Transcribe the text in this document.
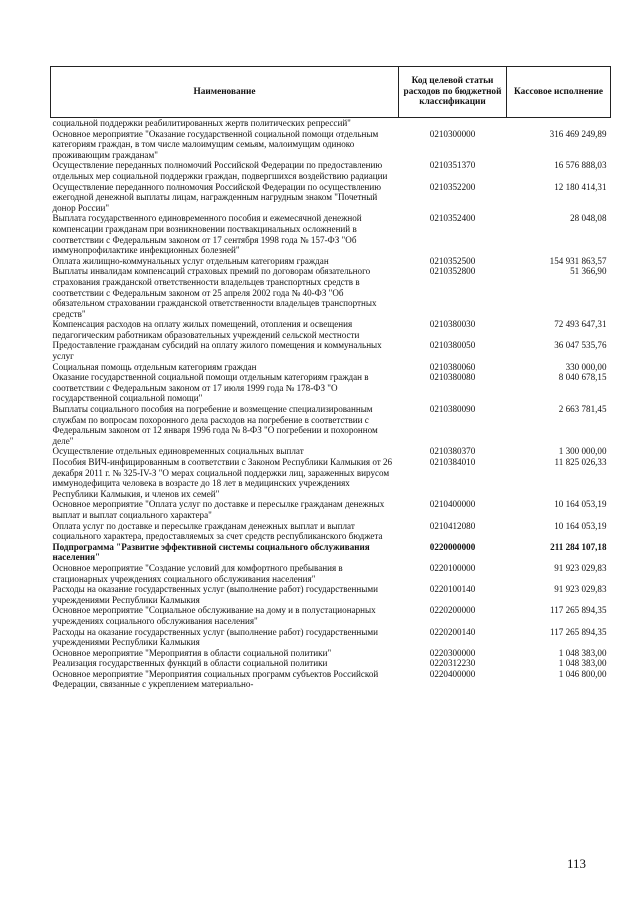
Наименование	Код целевой статьи расходов по бюджетной классификации	Кассовое исполнение
социальной поддержки реабилитированных жертв политических репрессий"		
Основное мероприятие "Оказание государственной социальной помощи отдельным категориям граждан, в том числе малоимущим семьям, малоимущим одиноко проживающим гражданам"	0210300000	316 469 249,89
Осуществление переданных полномочий Российской Федерации по предоставлению отдельных мер социальной поддержки граждан, подвергшихся воздействию радиации	0210351370	16 576 888,03
Осуществление переданного полномочия Российской Федерации по осуществлению ежегодной денежной выплаты лицам, награжденным нагрудным знаком "Почетный донор России"	0210352200	12 180 414,31
Выплата государственного единовременного пособия и ежемесячной денежной компенсации гражданам при возникновении поствакцинальных осложнений в соответствии с Федеральным законом от 17 сентября 1998 года № 157-ФЗ "Об иммунопрофилактике инфекционных болезней"	0210352400	28 048,08
Оплата жилищно-коммунальных услуг отдельным категориям граждан	0210352500	154 931 863,57
Выплаты инвалидам компенсаций страховых премий по договорам обязательного страхования гражданской ответственности владельцев транспортных средств в соответствии с Федеральным законом от 25 апреля 2002 года № 40-ФЗ "Об обязательном страховании гражданской ответственности владельцев транспортных средств"	0210352800	51 366,90
Компенсация расходов на оплату жилых помещений, отопления и освещения педагогическим работникам образовательных учреждений сельской местности	0210380030	72 493 647,31
Предоставление гражданам субсидий на оплату жилого помещения и коммунальных услуг	0210380050	36 047 535,76
Социальная помощь отдельным категориям граждан	0210380060	330 000,00
Оказание государственной социальной помощи отдельным категориям граждан в соответствии с Федеральным законом от 17 июля 1999 года № 178-ФЗ "О государственной социальной помощи"	0210380080	8 040 678,15
Выплаты социального пособия на погребение и возмещение специализированным службам по вопросам похоронного дела расходов на погребение в соответствии с Федеральным законом от 12 января 1996 года № 8-ФЗ "О погребении и похоронном деле"	0210380090	2 663 781,45
Осуществление отдельных единовременных социальных выплат	0210380370	1 300 000,00
Пособия ВИЧ-инфицированным в соответствии с Законом Республики Калмыкия от 26 декабря 2011 г. № 325-IV-З "О мерах социальной поддержки лиц, зараженных вирусом иммунодефицита человека в возрасте до 18 лет в медицинских учреждениях Республики Калмыкия, и членов их семей"	0210384010	11 825 026,33
Основное мероприятие "Оплата услуг по доставке и пересылке гражданам денежных выплат и выплат социального характера"	0210400000	10 164 053,19
Оплата услуг по доставке и пересылке гражданам денежных выплат и выплат социального характера, предоставляемых за счет средств республиканского бюджета	0210412080	10 164 053,19
Подпрограмма "Развитие эффективной системы социального обслуживания населения"	0220000000	211 284 107,18
Основное мероприятие "Создание условий для комфортного пребывания в стационарных учреждениях социального обслуживания населения"	0220100000	91 923 029,83
Расходы на оказание государственных услуг (выполнение работ) государственными учреждениями Республики Калмыкия	0220100140	91 923 029,83
Основное мероприятие "Социальное обслуживание на дому и в полустационарных учреждениях социального обслуживания населения"	0220200000	117 265 894,35
Расходы на оказание государственных услуг (выполнение работ) государственными учреждениями Республики Калмыкия	0220200140	117 265 894,35
Основное мероприятие "Мероприятия в области социальной политики"	0220300000	1 048 383,00
Реализация государственных функций в области социальной политики	0220312230	1 048 383,00
Основное мероприятие "Мероприятия социальных программ субъектов Российской Федерации, связанные с укреплением материально-	0220400000	1 046 800,00
113
